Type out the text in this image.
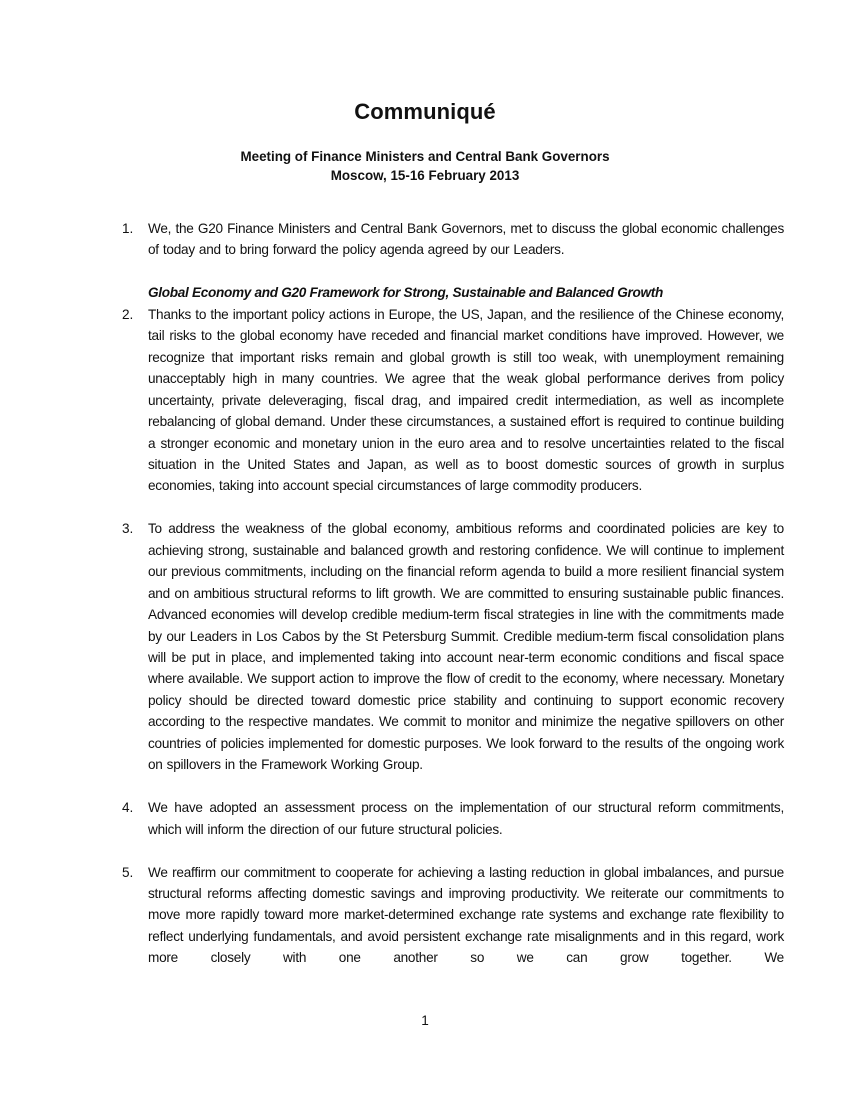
Communiqué
Meeting of Finance Ministers and Central Bank Governors
Moscow, 15-16 February 2013
1. We, the G20 Finance Ministers and Central Bank Governors, met to discuss the global economic challenges of today and to bring forward the policy agenda agreed by our Leaders.
Global Economy and G20 Framework for Strong, Sustainable and Balanced Growth
2. Thanks to the important policy actions in Europe, the US, Japan, and the resilience of the Chinese economy, tail risks to the global economy have receded and financial market conditions have improved. However, we recognize that important risks remain and global growth is still too weak, with unemployment remaining unacceptably high in many countries. We agree that the weak global performance derives from policy uncertainty, private deleveraging, fiscal drag, and impaired credit intermediation, as well as incomplete rebalancing of global demand. Under these circumstances, a sustained effort is required to continue building a stronger economic and monetary union in the euro area and to resolve uncertainties related to the fiscal situation in the United States and Japan, as well as to boost domestic sources of growth in surplus economies, taking into account special circumstances of large commodity producers.
3. To address the weakness of the global economy, ambitious reforms and coordinated policies are key to achieving strong, sustainable and balanced growth and restoring confidence. We will continue to implement our previous commitments, including on the financial reform agenda to build a more resilient financial system and on ambitious structural reforms to lift growth. We are committed to ensuring sustainable public finances. Advanced economies will develop credible medium-term fiscal strategies in line with the commitments made by our Leaders in Los Cabos by the St Petersburg Summit. Credible medium-term fiscal consolidation plans will be put in place, and implemented taking into account near-term economic conditions and fiscal space where available. We support action to improve the flow of credit to the economy, where necessary. Monetary policy should be directed toward domestic price stability and continuing to support economic recovery according to the respective mandates. We commit to monitor and minimize the negative spillovers on other countries of policies implemented for domestic purposes. We look forward to the results of the ongoing work on spillovers in the Framework Working Group.
4. We have adopted an assessment process on the implementation of our structural reform commitments, which will inform the direction of our future structural policies.
5. We reaffirm our commitment to cooperate for achieving a lasting reduction in global imbalances, and pursue structural reforms affecting domestic savings and improving productivity. We reiterate our commitments to move more rapidly toward more market-determined exchange rate systems and exchange rate flexibility to reflect underlying fundamentals, and avoid persistent exchange rate misalignments and in this regard, work more closely with one another so we can grow together. We
1
